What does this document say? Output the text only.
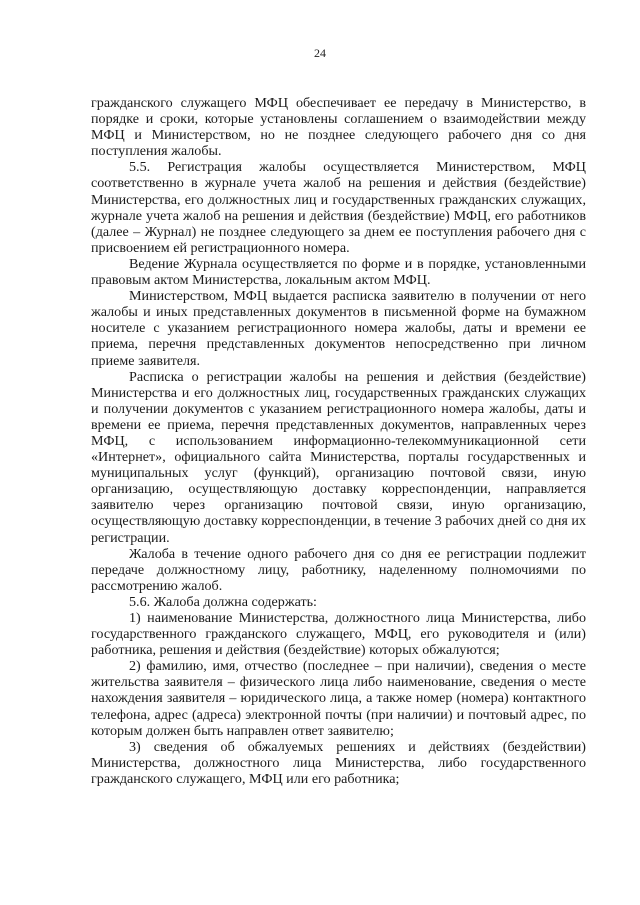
24

гражданского служащего МФЦ обеспечивает ее передачу в Министерство, в порядке и сроки, которые установлены соглашением о взаимодействии между МФЦ и Министерством, но не позднее следующего рабочего дня со дня поступления жалобы.

5.5. Регистрация жалобы осуществляется Министерством, МФЦ соответственно в журнале учета жалоб на решения и действия (бездействие) Министерства, его должностных лиц и государственных гражданских служащих, журнале учета жалоб на решения и действия (бездействие) МФЦ, его работников (далее – Журнал) не позднее следующего за днем ее поступления рабочего дня с присвоением ей регистрационного номера.

Ведение Журнала осуществляется по форме и в порядке, установленными правовым актом Министерства, локальным актом МФЦ.

Министерством, МФЦ выдается расписка заявителю в получении от него жалобы и иных представленных документов в письменной форме на бумажном носителе с указанием регистрационного номера жалобы, даты и времени ее приема, перечня представленных документов непосредственно при личном приеме заявителя.

Расписка о регистрации жалобы на решения и действия (бездействие) Министерства и его должностных лиц, государственных гражданских служащих и получении документов с указанием регистрационного номера жалобы, даты и времени ее приема, перечня представленных документов, направленных через МФЦ, с использованием информационно-телекоммуникационной сети «Интернет», официального сайта Министерства, порталы государственных и муниципальных услуг (функций), организацию почтовой связи, иную организацию, осуществляющую доставку корреспонденции, направляется заявителю через организацию почтовой связи, иную организацию, осуществляющую доставку корреспонденции, в течение 3 рабочих дней со дня их регистрации.

Жалоба в течение одного рабочего дня со дня ее регистрации подлежит передаче должностному лицу, работнику, наделенному полномочиями по рассмотрению жалоб.

5.6. Жалоба должна содержать:

1) наименование Министерства, должностного лица Министерства, либо государственного гражданского служащего, МФЦ, его руководителя и (или) работника, решения и действия (бездействие) которых обжалуются;

2) фамилию, имя, отчество (последнее – при наличии), сведения о месте жительства заявителя – физического лица либо наименование, сведения о месте нахождения заявителя – юридического лица, а также номер (номера) контактного телефона, адрес (адреса) электронной почты (при наличии) и почтовый адрес, по которым должен быть направлен ответ заявителю;

3) сведения об обжалуемых решениях и действиях (бездействии) Министерства, должностного лица Министерства, либо государственного гражданского служащего, МФЦ или его работника;
